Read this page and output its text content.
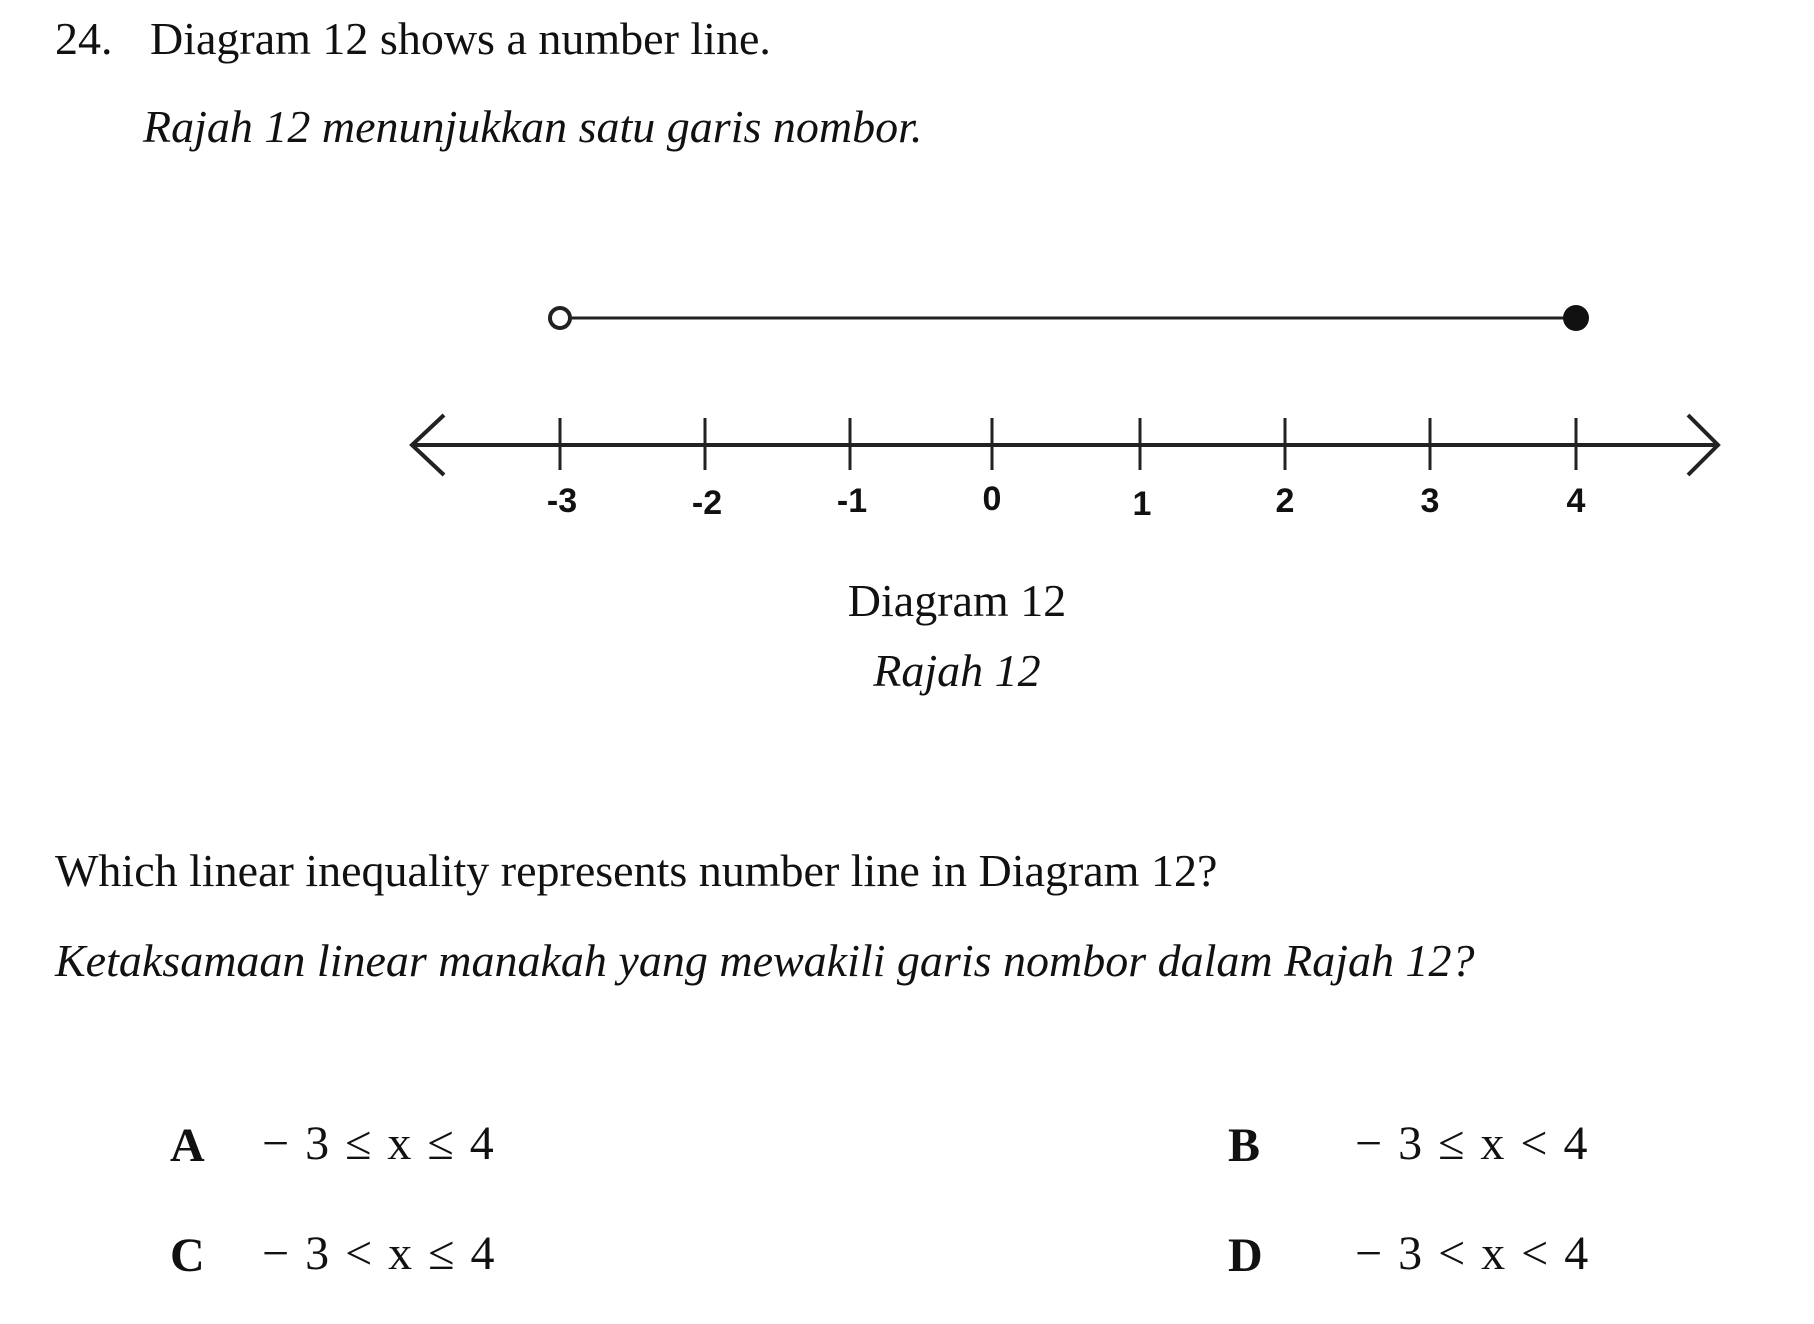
24. Diagram 12 shows a number line.
Rajah 12 menunjukkan satu garis nombor.
-3	-2	-1	0	1	2	3	4
Diagram 12
Rajah 12
Which linear inequality represents number line in Diagram 12?
Ketaksamaan linear manakah yang mewakili garis nombor dalam Rajah 12?
A − 3 ≤ x ≤ 4	B − 3 ≤ x < 4
C − 3 < x ≤ 4	D − 3 < x < 4
